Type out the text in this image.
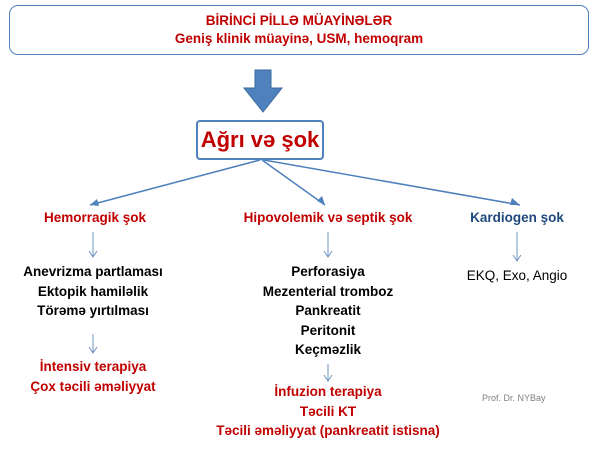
BİRİNCİ PİLLƏ MÜAYİNƏLƏR
Geniş klinik müayinə, USM, hemoqram
Ağrı və şok
Hemorragik şok
Anevrizma partlaması
Ektopik hamiləlik
Törəmə yırtılması
İntensiv terapiya
Çox təcili əməliyyat
Hipovolemik və septik şok
Perforasiya
Mezenterial tromboz
Pankreatit
Peritonit
Keçməzlik
İnfuzion terapiya
Təcili KT
Təcili əməliyyat (pankreatit istisna)
Kardiogen şok
EKQ, Exo, Angio
Prof. Dr. NYBay
